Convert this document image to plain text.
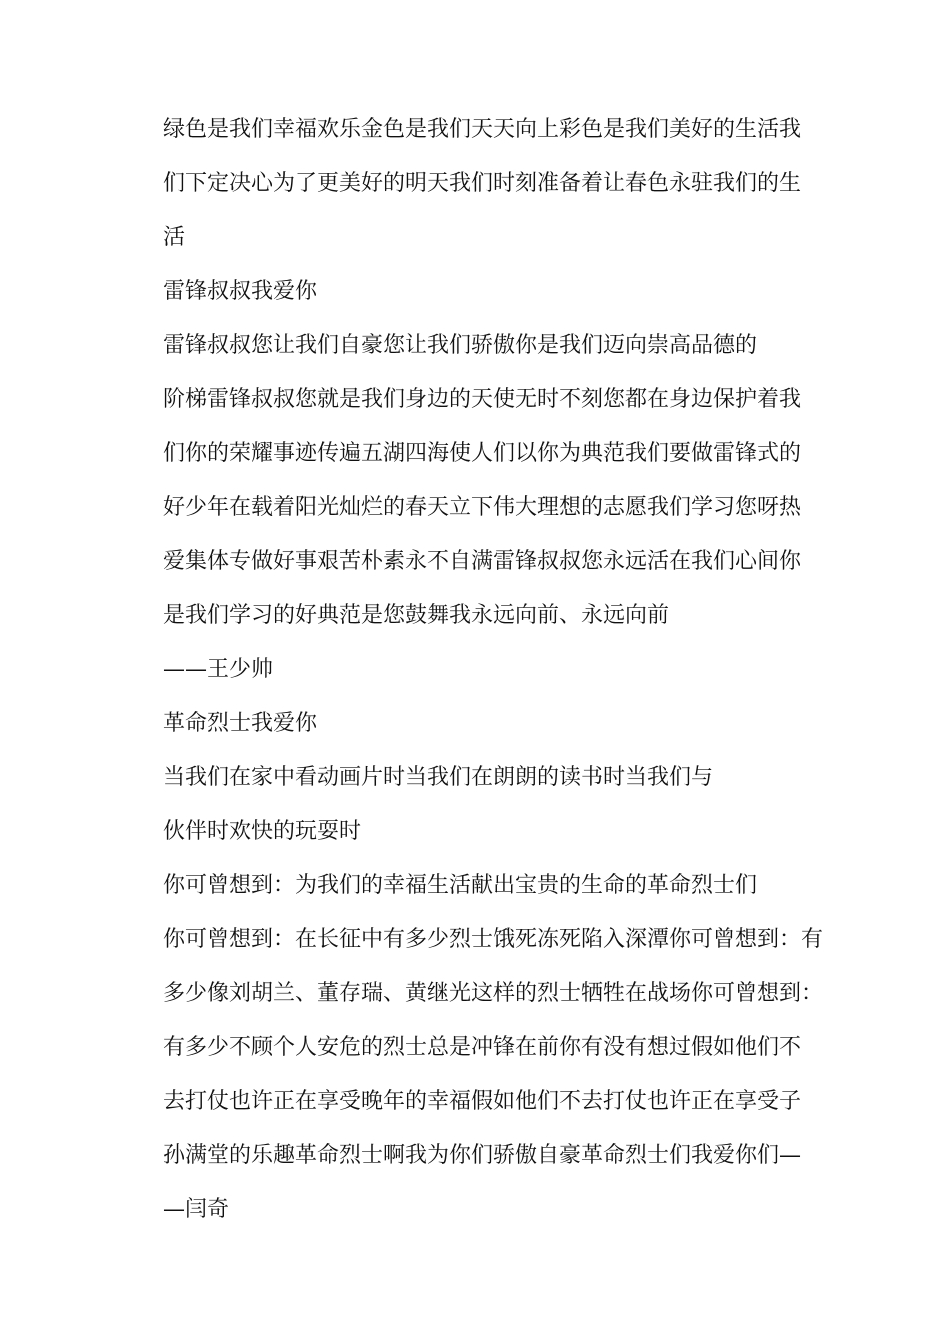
绿色是我们幸福欢乐金色是我们天天向上彩色是我们美好的生活我
们下定决心为了更美好的明天我们时刻准备着让春色永驻我们的生
活
雷锋叔叔我爱你
雷锋叔叔您让我们自豪您让我们骄傲你是我们迈向崇高品德的
阶梯雷锋叔叔您就是我们身边的天使无时不刻您都在身边保护着我
们你的荣耀事迹传遍五湖四海使人们以你为典范我们要做雷锋式的
好少年在载着阳光灿烂的春天立下伟大理想的志愿我们学习您呀热
爱集体专做好事艰苦朴素永不自满雷锋叔叔您永远活在我们心间你
是我们学习的好典范是您鼓舞我永远向前、永远向前
——王少帅
革命烈士我爱你
当我们在家中看动画片时当我们在朗朗的读书时当我们与
伙伴时欢快的玩耍时
你可曾想到：为我们的幸福生活献出宝贵的生命的革命烈士们
你可曾想到：在长征中有多少烈士饿死冻死陷入深潭你可曾想到：有
多少像刘胡兰、董存瑞、黄继光这样的烈士牺牲在战场你可曾想到：
有多少不顾个人安危的烈士总是冲锋在前你有没有想过假如他们不
去打仗也许正在享受晚年的幸福假如他们不去打仗也许正在享受子
孙满堂的乐趣革命烈士啊我为你们骄傲自豪革命烈士们我爱你们—
—闫奇
